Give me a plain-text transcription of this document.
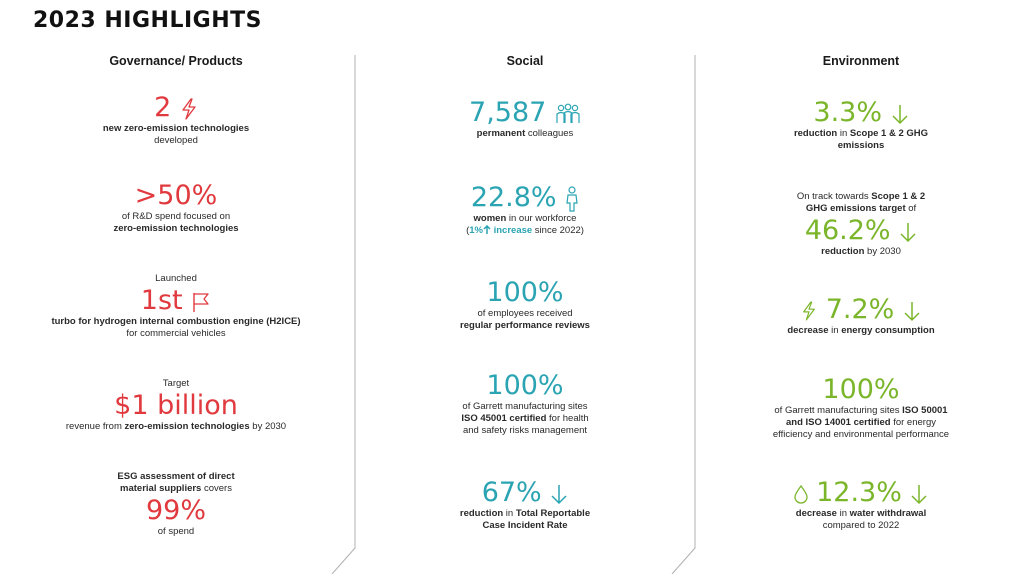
2023 HIGHLIGHTS
Governance/ Products
2
new zero-emission technologies
developed
>50%
of R&D spend focused on
zero-emission technologies
Launched
1st
turbo for hydrogen internal combustion engine (H2ICE)
for commercial vehicles
Target
$1 billion
revenue from zero-emission technologies by 2030
ESG assessment of direct
material suppliers covers
99%
of spend
Social
7,587
permanent colleagues
22.8%
women in our workforce
(1% increase since 2022)
100%
of employees received
regular performance reviews
100%
of Garrett manufacturing sites
ISO 45001 certified for health
and safety risks management
67%
reduction in Total Reportable
Case Incident Rate
Environment
3.3%
reduction in Scope 1 & 2 GHG
emissions
On track towards Scope 1 & 2
GHG emissions target of
46.2%
reduction by 2030
7.2%
decrease in energy consumption
100%
of Garrett manufacturing sites ISO 50001
and ISO 14001 certified for energy
efficiency and environmental performance
12.3%
decrease in water withdrawal
compared to 2022
